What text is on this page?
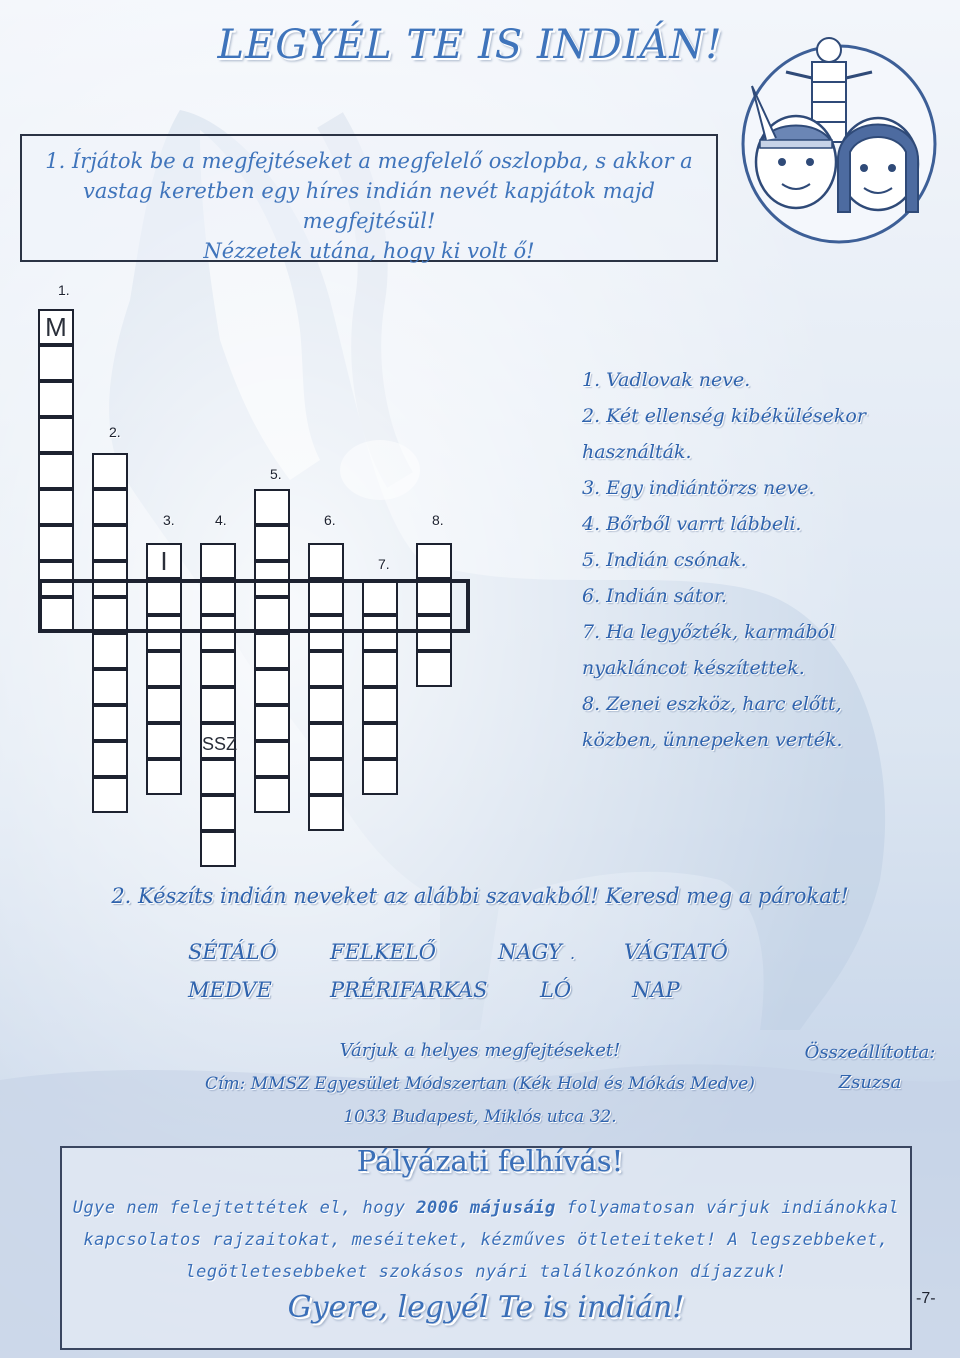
LEGYÉL TE IS INDIÁN!
1. Írjátok be a megfejtéseket a megfelelő oszlopba, s akkor a
vastag keretben egy híres indián nevét kapjátok majd megfejtésül!
Nézzetek utána, hogy ki volt ő!
1.
2.
3.	4.
5.
6.
7.
8.
M
I
SSZ
1. Vadlovak neve.
2. Két ellenség kibékülésekor
használták.
3. Egy indiántörzs neve.
4. Bőrből varrt lábbeli.
5. Indián csónak.
6. Indián sátor.
7. Ha legyőzték, karmából
nyakláncot készítettek.
8. Zenei eszköz, harc előtt,
közben, ünnepeken verték.
2. Készíts indián neveket az alábbi szavakból! Keresd meg a párokat!
SÉTÁLÓ	FELKELŐ	NAGY . VÁGTATÓ
MEDVE	PRÉRIFARKAS	LÓ	NAP
Várjuk a helyes megfejtéseket!
Cím: MMSZ Egyesület Módszertan (Kék Hold és Mókás Medve)
1033 Budapest, Miklós utca 32.
Összeállította:
Zsuzsa
Pályázati felhívás!
Ugye nem felejtettétek el, hogy 2006 májusáig folyamatosan várjuk indiánokkal
kapcsolatos rajzaitokat, meséiteket, kézműves ötleteiteket! A legszebbeket,
legötletesebbeket szokásos nyári találkozónkon díjazzuk!
Gyere, legyél Te is indián!	-7-
